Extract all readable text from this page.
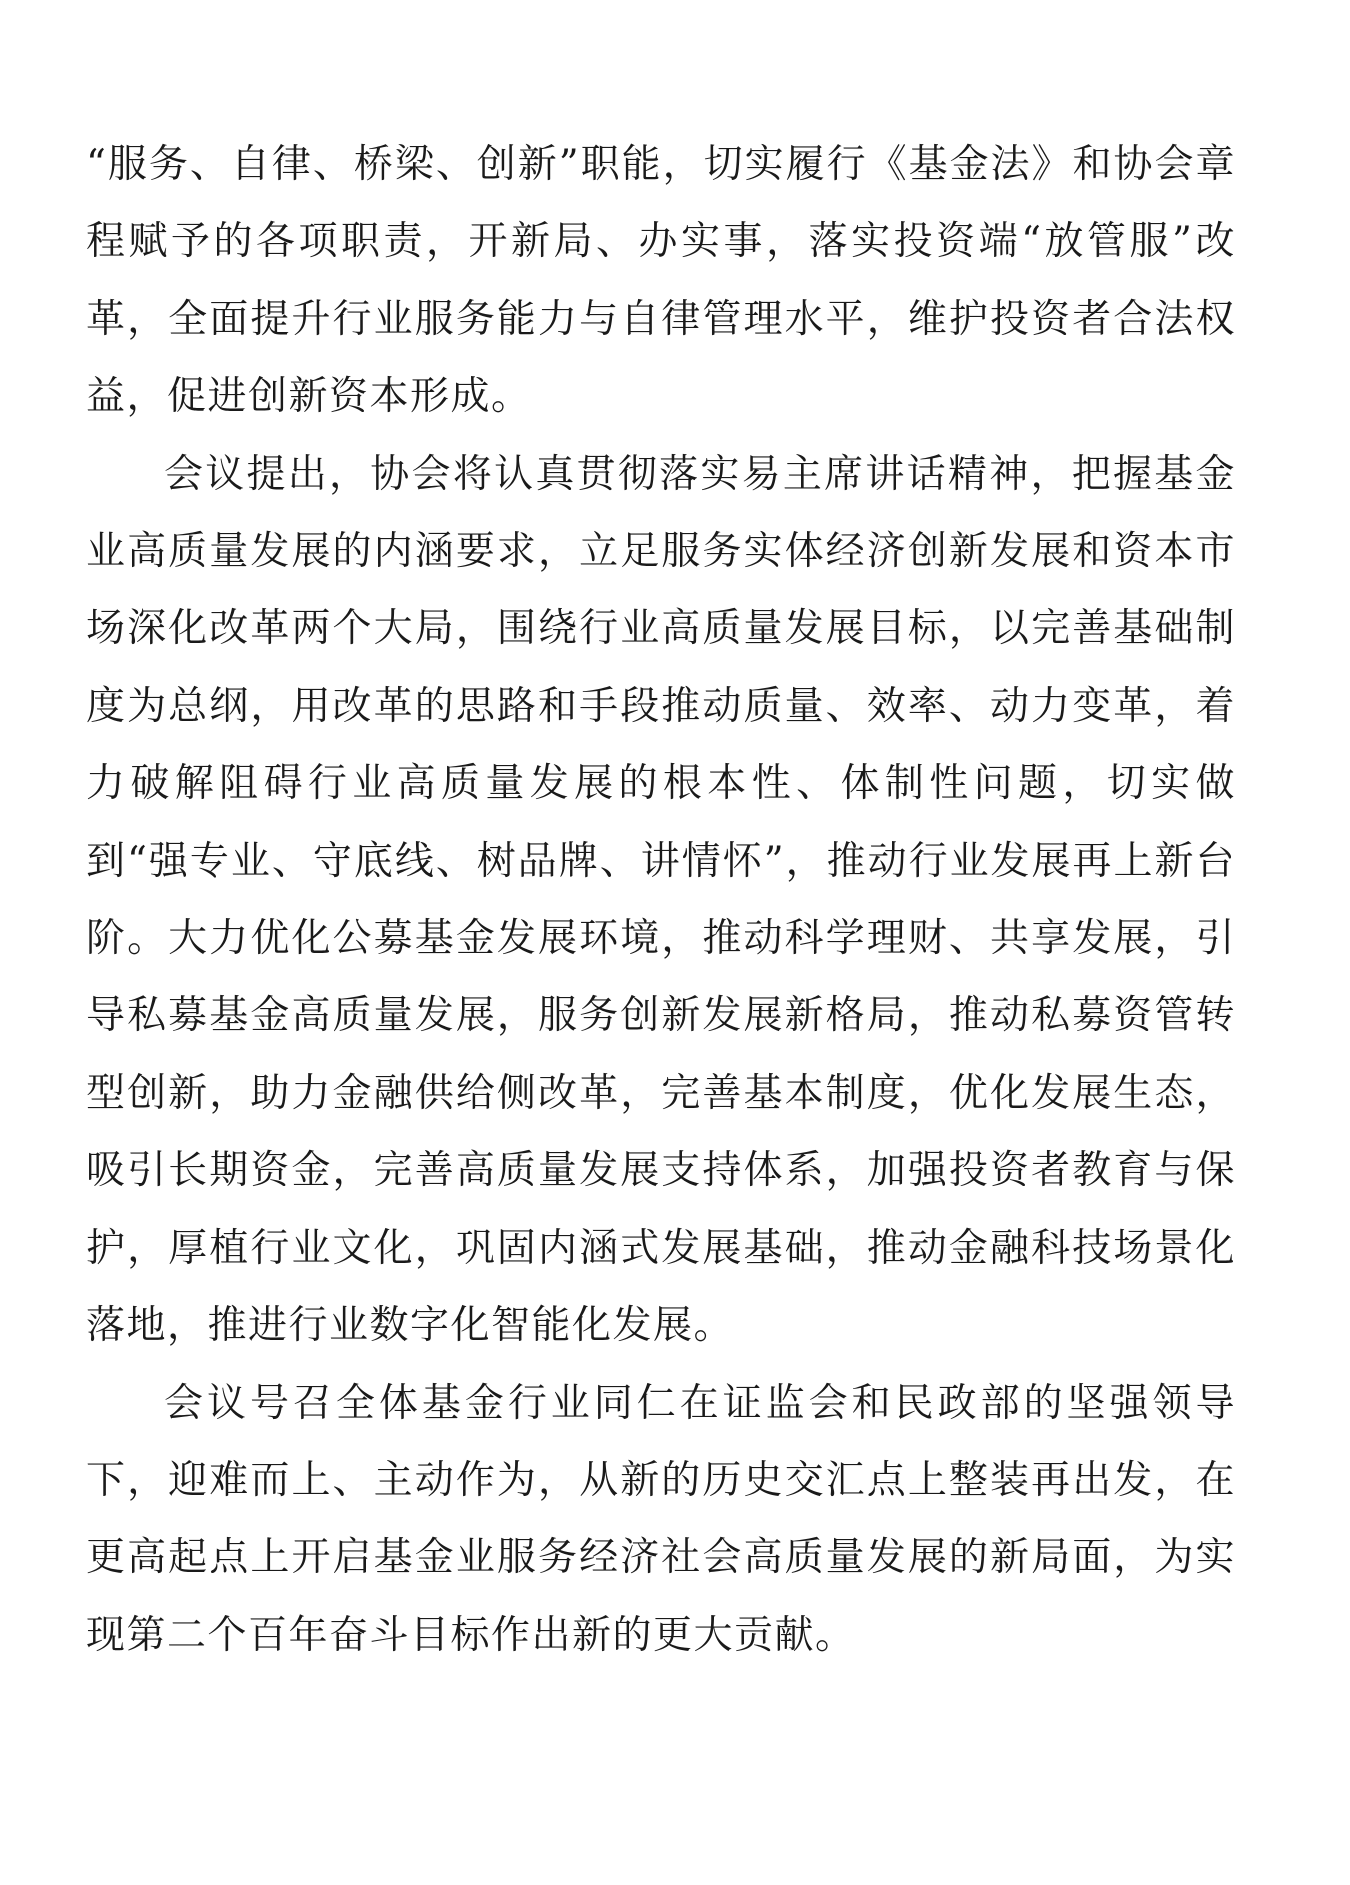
“服务、自律、桥梁、创新”职能，切实履行《基金法》和协会章程赋予的各项职责，开新局、办实事，落实投资端“放管服”改革，全面提升行业服务能力与自律管理水平，维护投资者合法权益，促进创新资本形成。

会议提出，协会将认真贯彻落实易主席讲话精神，把握基金业高质量发展的内涵要求，立足服务实体经济创新发展和资本市场深化改革两个大局，围绕行业高质量发展目标，以完善基础制度为总纲，用改革的思路和手段推动质量、效率、动力变革，着力破解阻碍行业高质量发展的根本性、体制性问题，切实做到“强专业、守底线、树品牌、讲情怀”，推动行业发展再上新台阶。大力优化公募基金发展环境，推动科学理财、共享发展，引导私募基金高质量发展，服务创新发展新格局，推动私募资管转型创新，助力金融供给侧改革，完善基本制度，优化发展生态，吸引长期资金，完善高质量发展支持体系，加强投资者教育与保护，厚植行业文化，巩固内涵式发展基础，推动金融科技场景化落地，推进行业数字化智能化发展。

会议号召全体基金行业同仁在证监会和民政部的坚强领导下，迎难而上、主动作为，从新的历史交汇点上整装再出发，在更高起点上开启基金业服务经济社会高质量发展的新局面，为实现第二个百年奋斗目标作出新的更大贡献。
